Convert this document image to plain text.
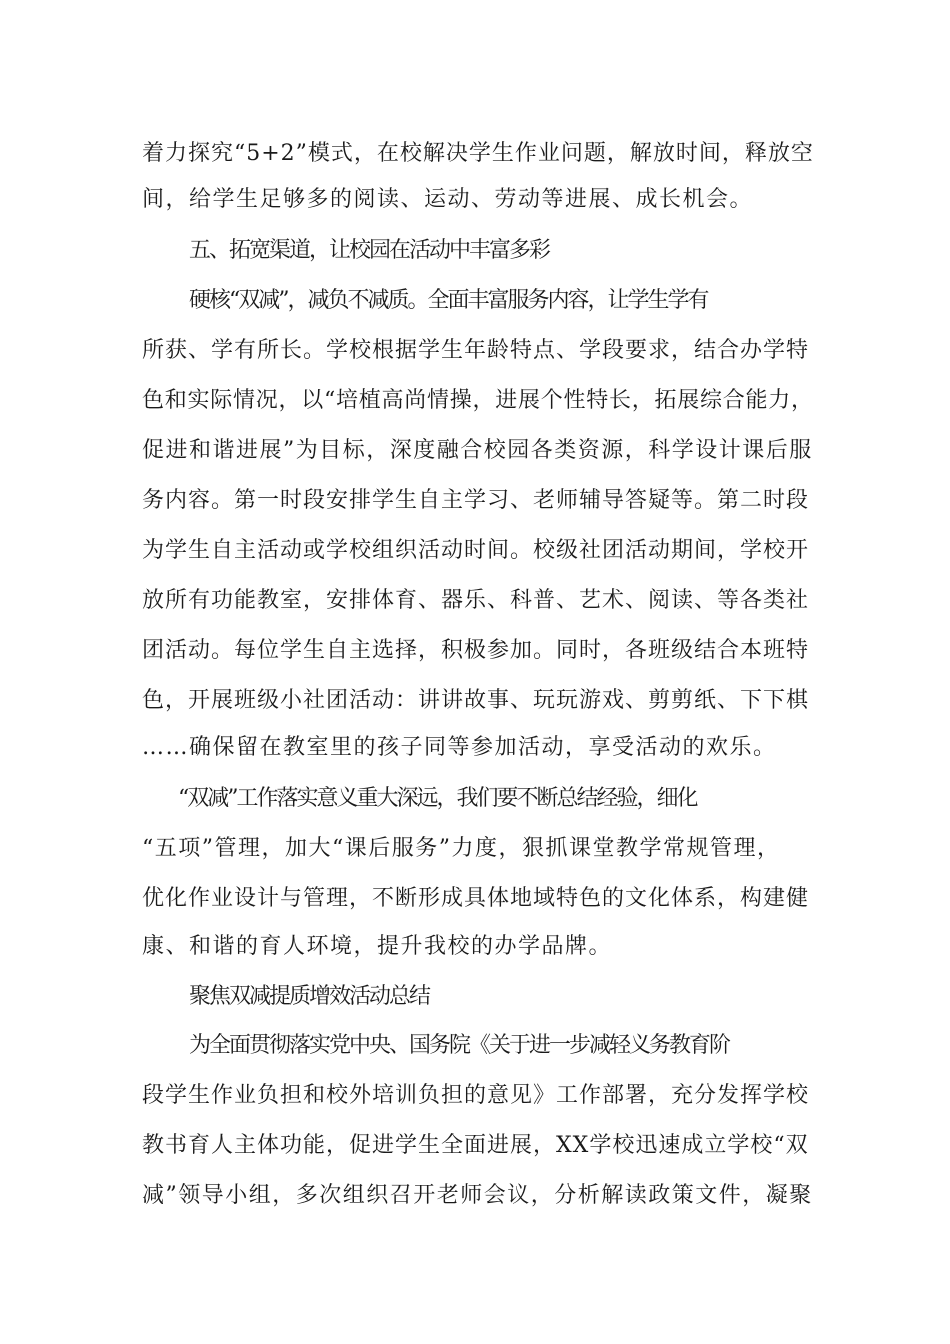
着力探究“5+2”模式，在校解决学生作业问题，解放时间，释放空
间，给学生足够多的阅读、运动、劳动等进展、成长机会。
五、拓宽渠道，让校园在活动中丰富多彩
硬核“双减”，减负不减质。全面丰富服务内容，让学生学有
所获、学有所长。学校根据学生年龄特点、学段要求，结合办学特
色和实际情况，以“培植高尚情操，进展个性特长，拓展综合能力，
促进和谐进展”为目标，深度融合校园各类资源，科学设计课后服
务内容。第一时段安排学生自主学习、老师辅导答疑等。第二时段
为学生自主活动或学校组织活动时间。校级社团活动期间，学校开
放所有功能教室，安排体育、器乐、科普、艺术、阅读、等各类社
团活动。每位学生自主选择，积极参加。同时，各班级结合本班特
色，开展班级小社团活动：讲讲故事、玩玩游戏、剪剪纸、下下棋
……确保留在教室里的孩子同等参加活动，享受活动的欢乐。
“双减”工作落实意义重大深远，我们要不断总结经验，细化
“五项”管理，加大“课后服务”力度，狠抓课堂教学常规管理，
优化作业设计与管理，不断形成具体地域特色的文化体系，构建健
康、和谐的育人环境，提升我校的办学品牌。
聚焦双减提质增效活动总结
为全面贯彻落实党中央、国务院《关于进一步减轻义务教育阶
段学生作业负担和校外培训负担的意见》工作部署，充分发挥学校
教书育人主体功能，促进学生全面进展，XX学校迅速成立学校“双
减”领导小组，多次组织召开老师会议，分析解读政策文件，凝聚
